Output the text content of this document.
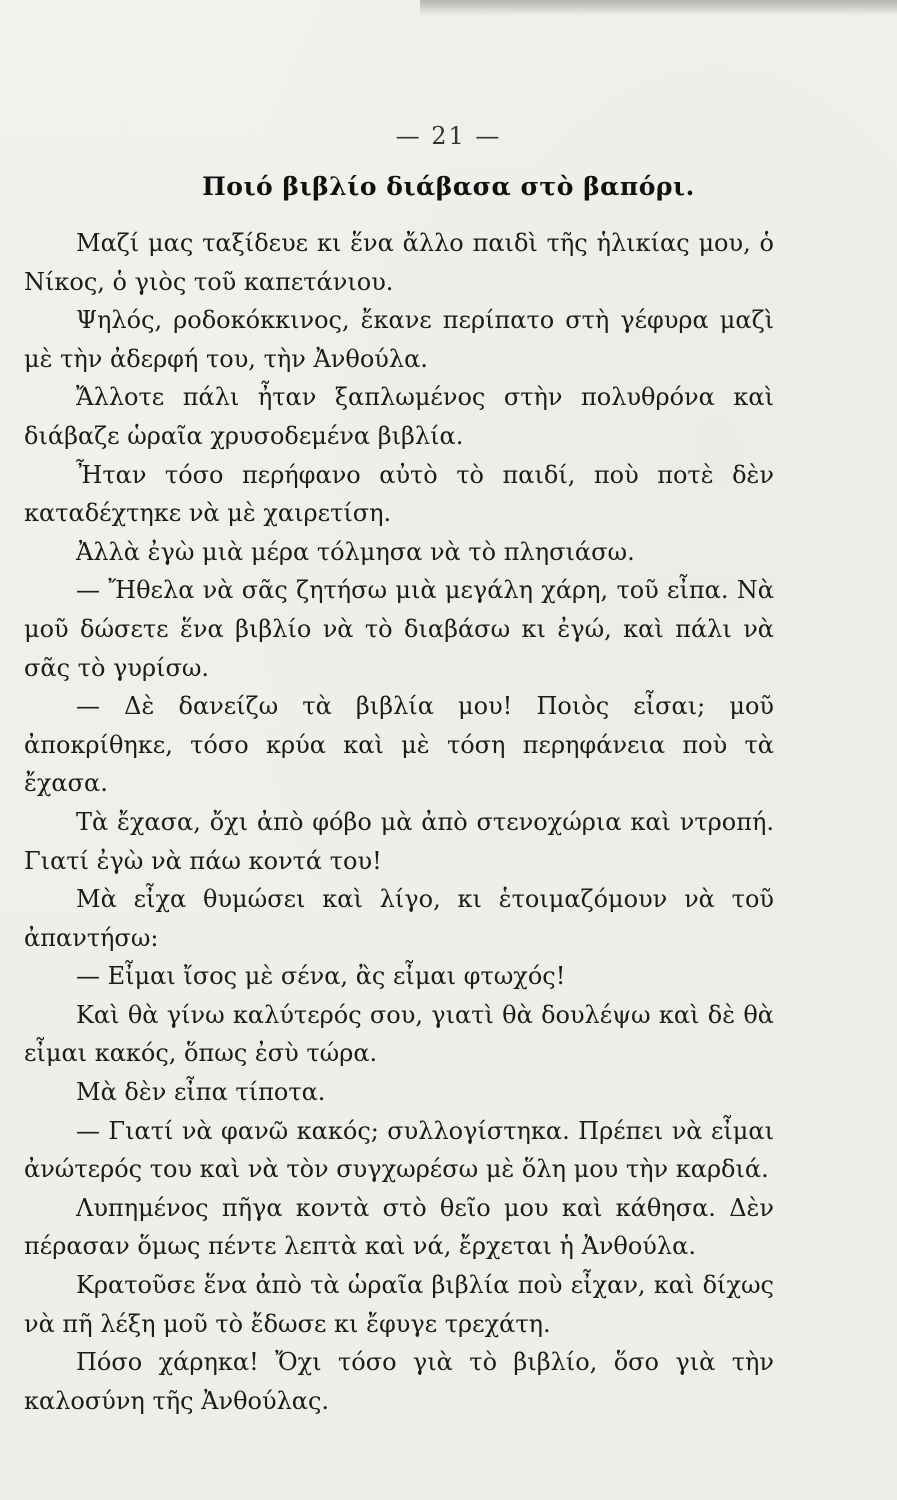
— 21 —
Ποιό βιβλίο διάβασα στὸ βαπόρι.

Μαζί μας ταξίδευε κι ἕνα ἄλλο παιδὶ τῆς ἡλικίας μου, ὁ Νίκος, ὁ γιὸς τοῦ καπετάνιου.

Ψηλός, ροδοκόκκινος, ἔκανε περίπατο στὴ γέφυρα μαζὶ μὲ τὴν ἀδερφή του, τὴν Ἀνθούλα.

Ἄλλοτε πάλι ἦταν ξαπλωμένος στὴν πολυθρόνα καὶ διάβαζε ὡραῖα χρυσοδεμένα βιβλία.

Ἦταν τόσο περήφανο αὐτὸ τὸ παιδί, ποὺ ποτὲ δὲν καταδέχτηκε νὰ μὲ χαιρετίση.

Ἀλλὰ ἐγὼ μιὰ μέρα τόλμησα νὰ τὸ πλησιάσω.

— Ἤθελα νὰ σᾶς ζητήσω μιὰ μεγάλη χάρη, τοῦ εἶπα. Νὰ μοῦ δώσετε ἕνα βιβλίο νὰ τὸ διαβάσω κι ἐγώ, καὶ πάλι νὰ σᾶς τὸ γυρίσω.

— Δὲ δανείζω τὰ βιβλία μου! Ποιὸς εἶσαι; μοῦ ἀποκρίθηκε, τόσο κρύα καὶ μὲ τόση περηφάνεια ποὺ τὰ ἔχασα.

Τὰ ἔχασα, ὄχι ἀπὸ φόβο μὰ ἀπὸ στενοχώρια καὶ ντροπή. Γιατί ἐγὼ νὰ πάω κοντά του!

Μὰ εἶχα θυμώσει καὶ λίγο, κι ἑτοιμαζόμουν νὰ τοῦ ἀπαντήσω:

— Εἶμαι ἴσος μὲ σένα, ἂς εἶμαι φτωχός!

Καὶ θὰ γίνω καλύτερός σου, γιατὶ θὰ δουλέψω καὶ δὲ θὰ εἶμαι κακός, ὅπως ἐσὺ τώρα.

Μὰ δὲν εἶπα τίποτα.

— Γιατί νὰ φανῶ κακός; συλλογίστηκα. Πρέπει νὰ εἶμαι ἀνώτερός του καὶ νὰ τὸν συγχωρέσω μὲ ὅλη μου τὴν καρδιά.

Λυπημένος πῆγα κοντὰ στὸ θεῖο μου καὶ κάθησα. Δὲν πέρασαν ὅμως πέντε λεπτὰ καὶ νά, ἔρχεται ἡ Ἀνθούλα.

Κρατοῦσε ἕνα ἀπὸ τὰ ὡραῖα βιβλία ποὺ εἶχαν, καὶ δίχως νὰ πῆ λέξη μοῦ τὸ ἔδωσε κι ἔφυγε τρεχάτη.

Πόσο χάρηκα! Ὄχι τόσο γιὰ τὸ βιβλίο, ὅσο γιὰ τὴν καλοσύνη τῆς Ἀνθούλας.
